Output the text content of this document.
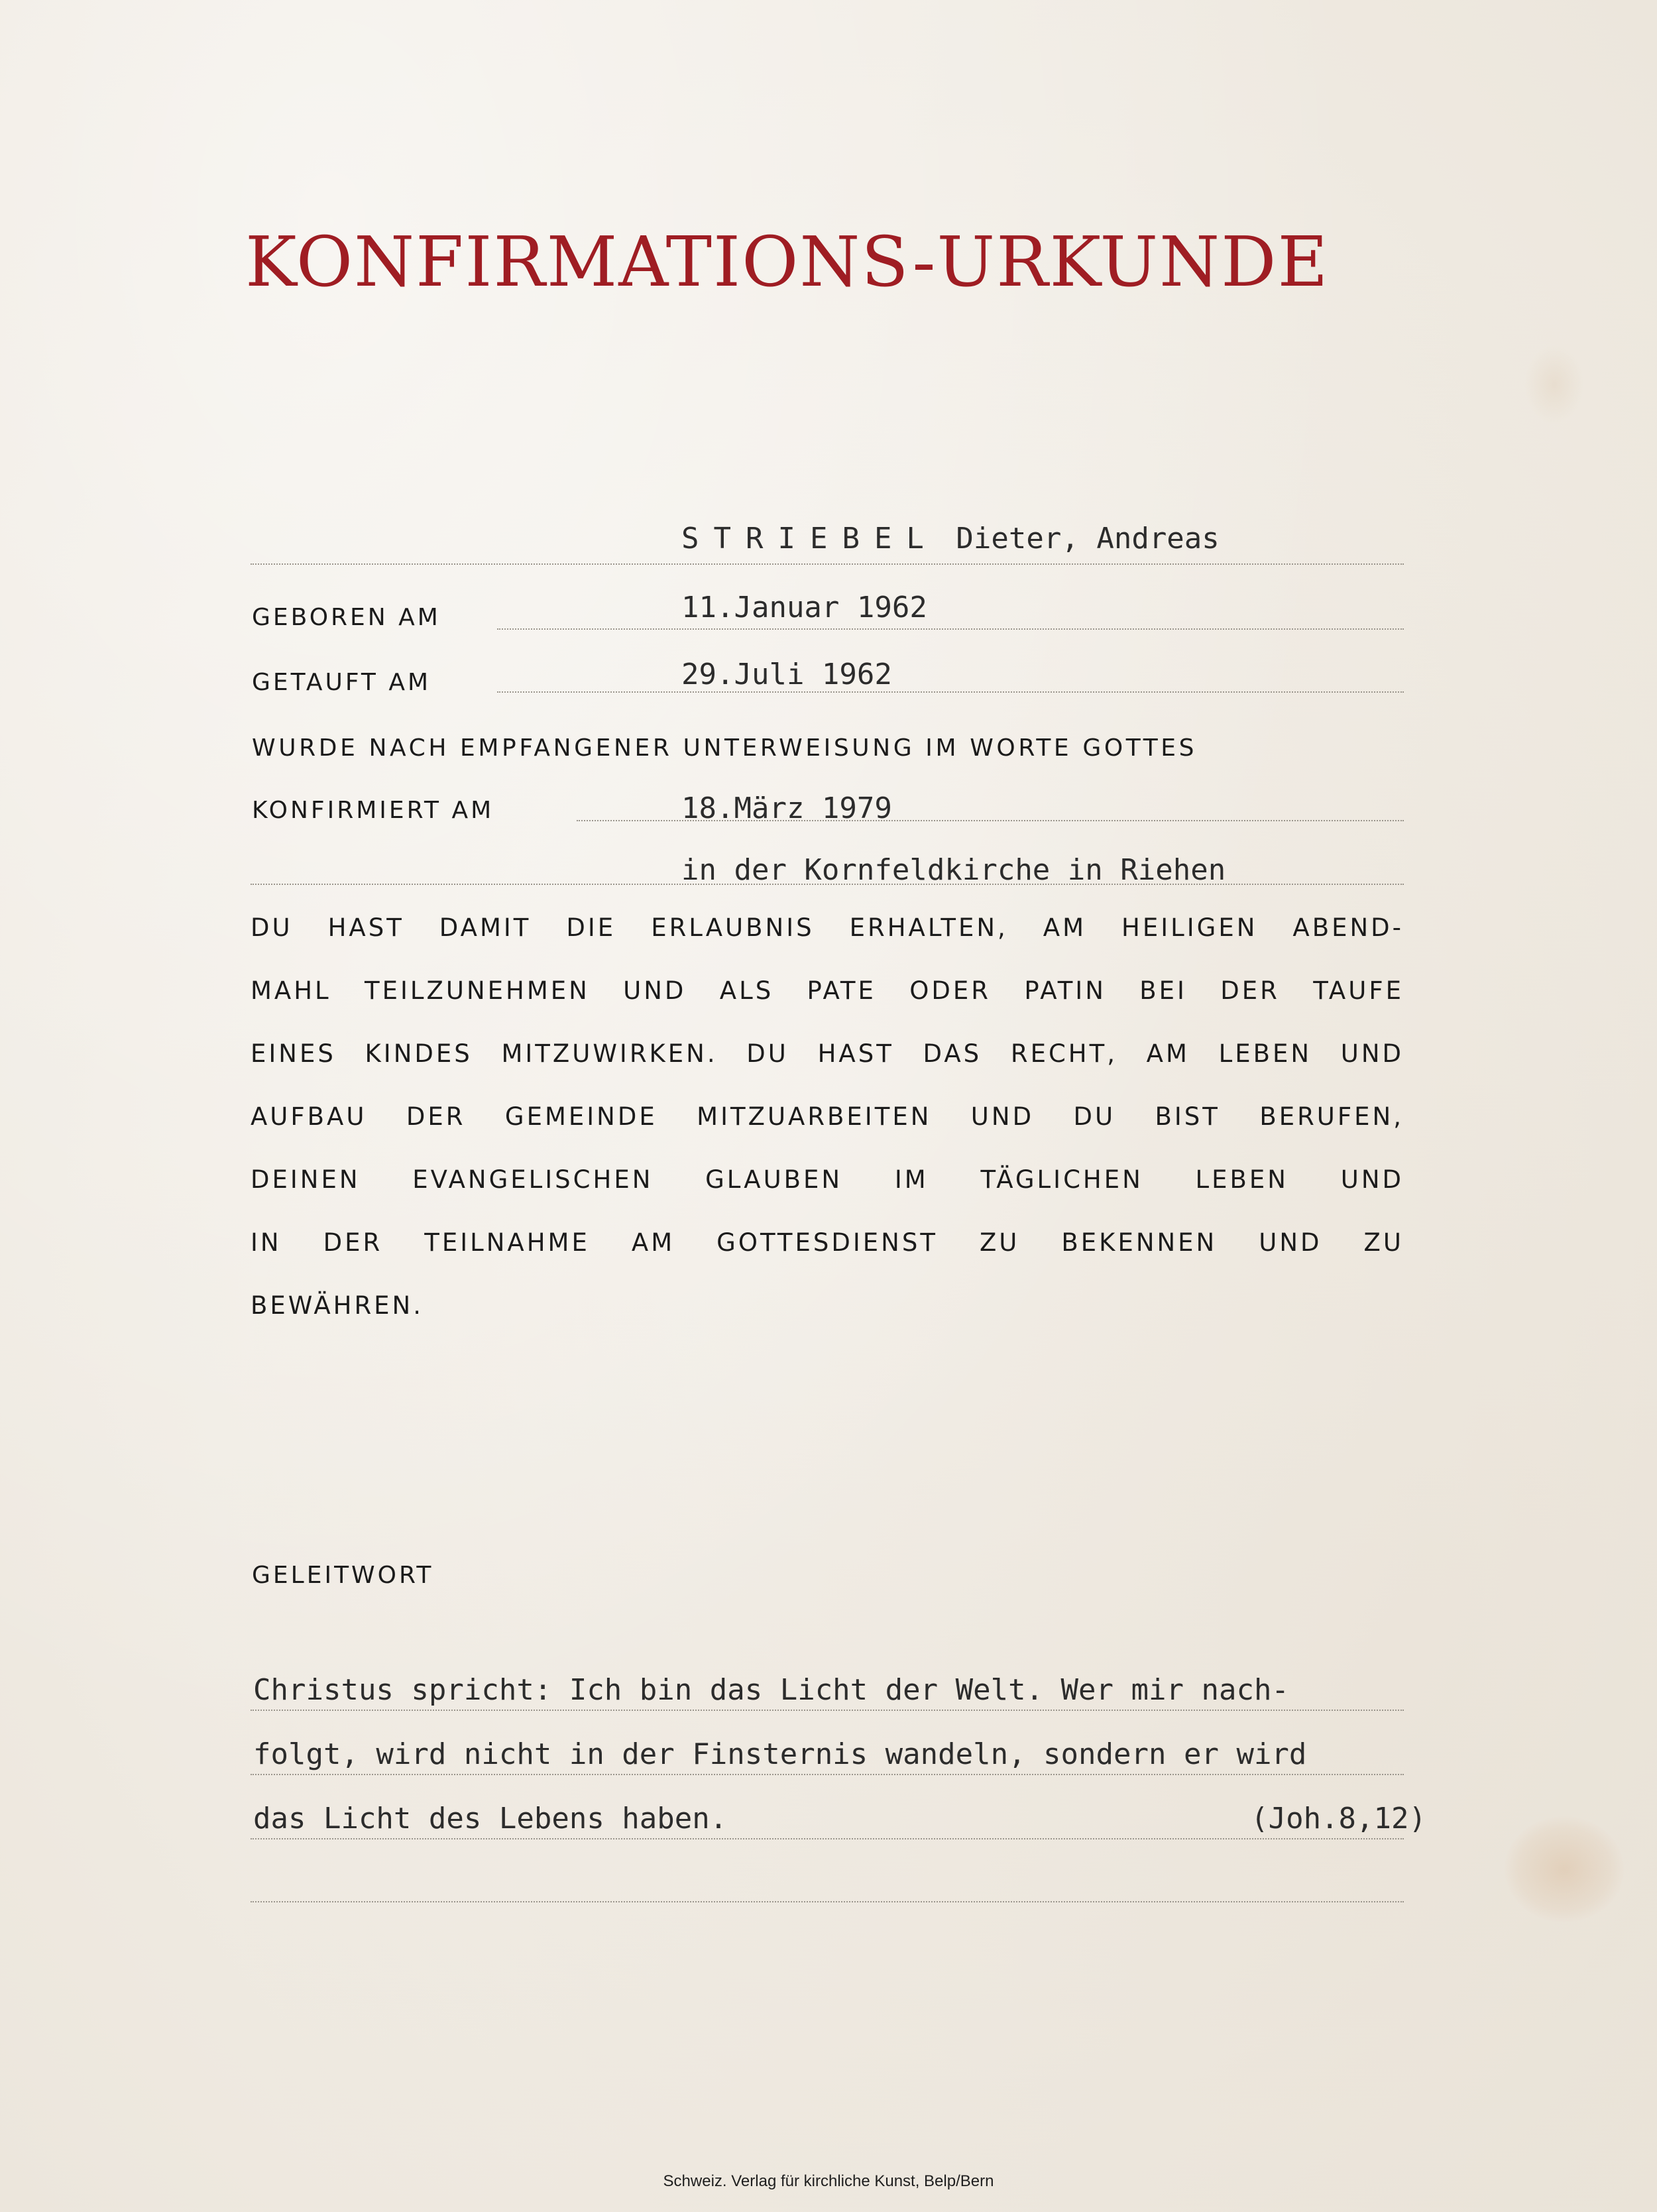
KONFIRMATIONS-URKUNDE
STRIEBEL Dieter, Andreas
GEBOREN AM	11.Januar 1962
GETAUFT AM	29.Juli 1962
WURDE NACH EMPFANGENER UNTERWEISUNG IM WORTE GOTTES
KONFIRMIERT AM	18.März 1979
in der Kornfeldkirche in Riehen
DU HAST DAMIT DIE ERLAUBNIS ERHALTEN, AM HEILIGEN ABEND-
MAHL TEILZUNEHMEN UND ALS PATE ODER PATIN BEI DER TAUFE
EINES KINDES MITZUWIRKEN. DU HAST DAS RECHT, AM LEBEN UND
AUFBAU DER GEMEINDE MITZUARBEITEN UND DU BIST BERUFEN,
DEINEN EVANGELISCHEN GLAUBEN IM TÄGLICHEN LEBEN UND
IN DER TEILNAHME AM GOTTESDIENST ZU BEKENNEN UND ZU
BEWÄHREN.
GELEITWORT
Christus spricht: Ich bin das Licht der Welt. Wer mir nach-
folgt, wird nicht in der Finsternis wandeln, sondern er wird
das Licht des Lebens haben.	(Joh.8,12)
Schweiz. Verlag für kirchliche Kunst, Belp/Bern
